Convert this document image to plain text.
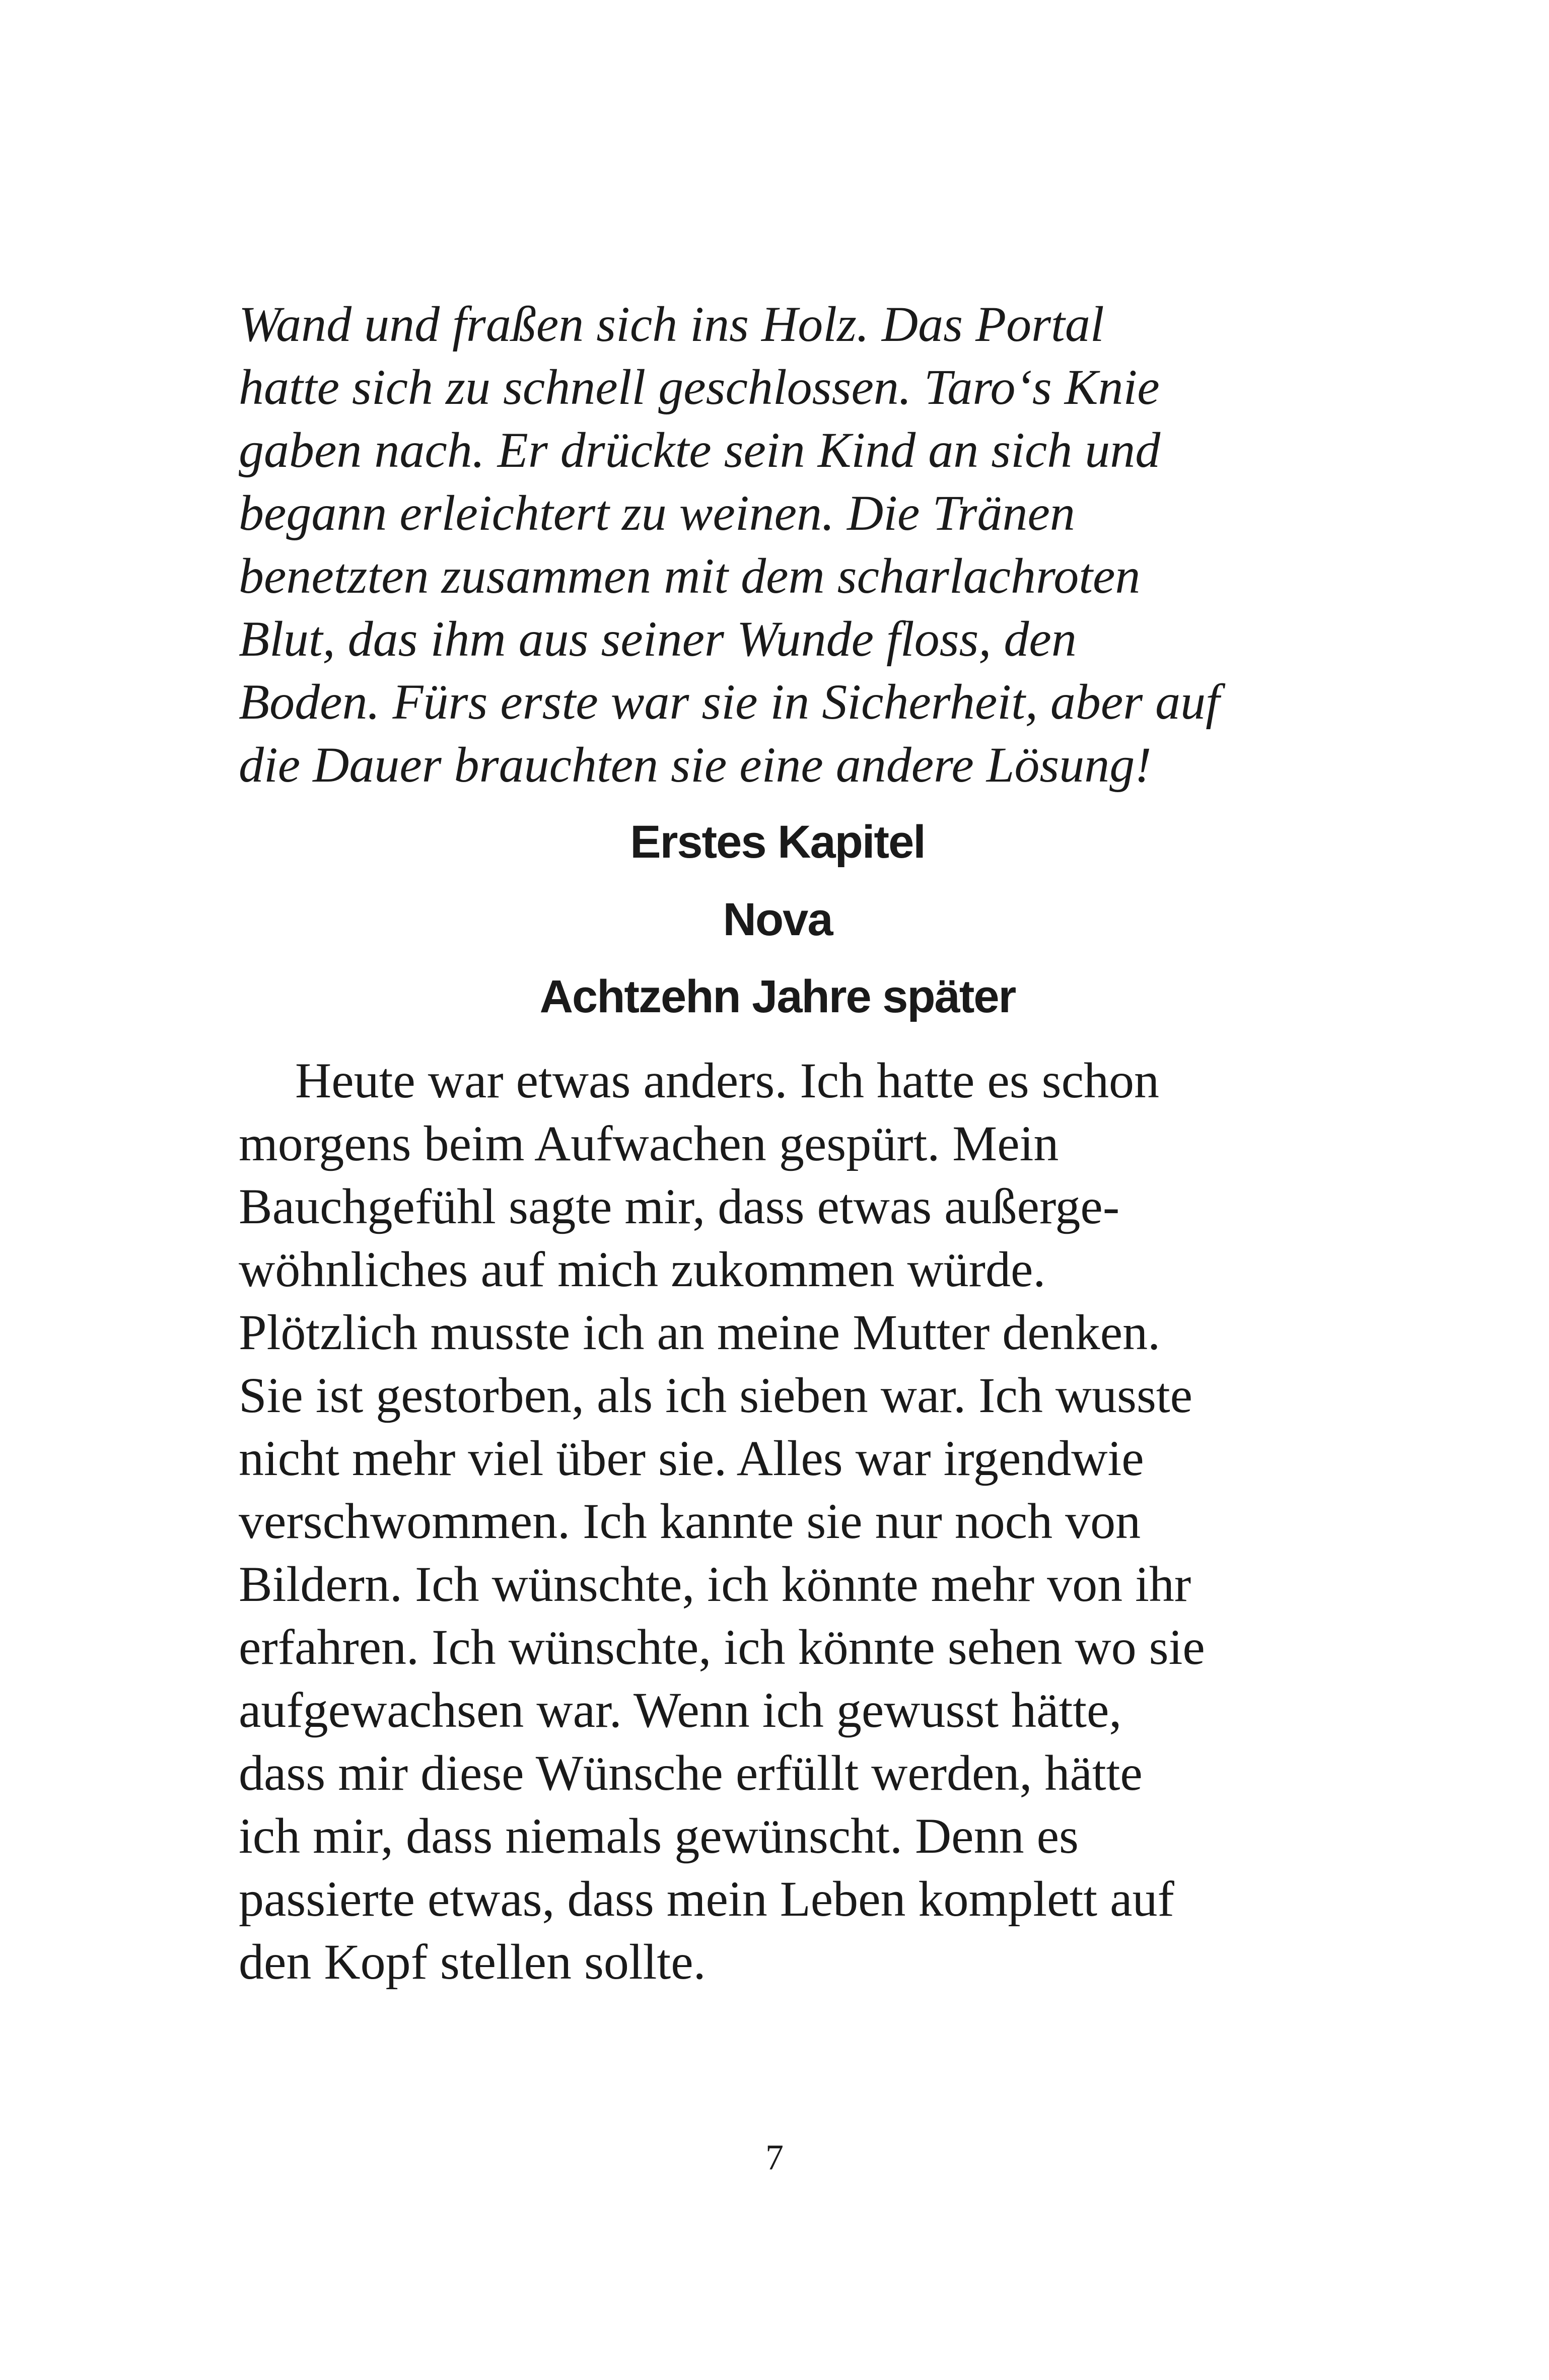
Wand und fraßen sich ins Holz. Das Portal
hatte sich zu schnell geschlossen. Taro‘s Knie
gaben nach. Er drückte sein Kind an sich und
begann erleichtert zu weinen. Die Tränen
benetzten zusammen mit dem scharlachroten
Blut, das ihm aus seiner Wunde floss, den
Boden. Fürs erste war sie in Sicherheit, aber auf
die Dauer brauchten sie eine andere Lösung!
Erstes Kapitel
Nova
Achtzehn Jahre später
Heute war etwas anders. Ich hatte es schon
morgens beim Aufwachen gespürt. Mein
Bauchgefühl sagte mir, dass etwas außerge-
wöhnliches auf mich zukommen würde.
Plötzlich musste ich an meine Mutter denken.
Sie ist gestorben, als ich sieben war. Ich wusste
nicht mehr viel über sie. Alles war irgendwie
verschwommen. Ich kannte sie nur noch von
Bildern. Ich wünschte, ich könnte mehr von ihr
erfahren. Ich wünschte, ich könnte sehen wo sie
aufgewachsen war. Wenn ich gewusst hätte,
dass mir diese Wünsche erfüllt werden, hätte
ich mir, dass niemals gewünscht. Denn es
passierte etwas, dass mein Leben komplett auf
den Kopf stellen sollte.
7
